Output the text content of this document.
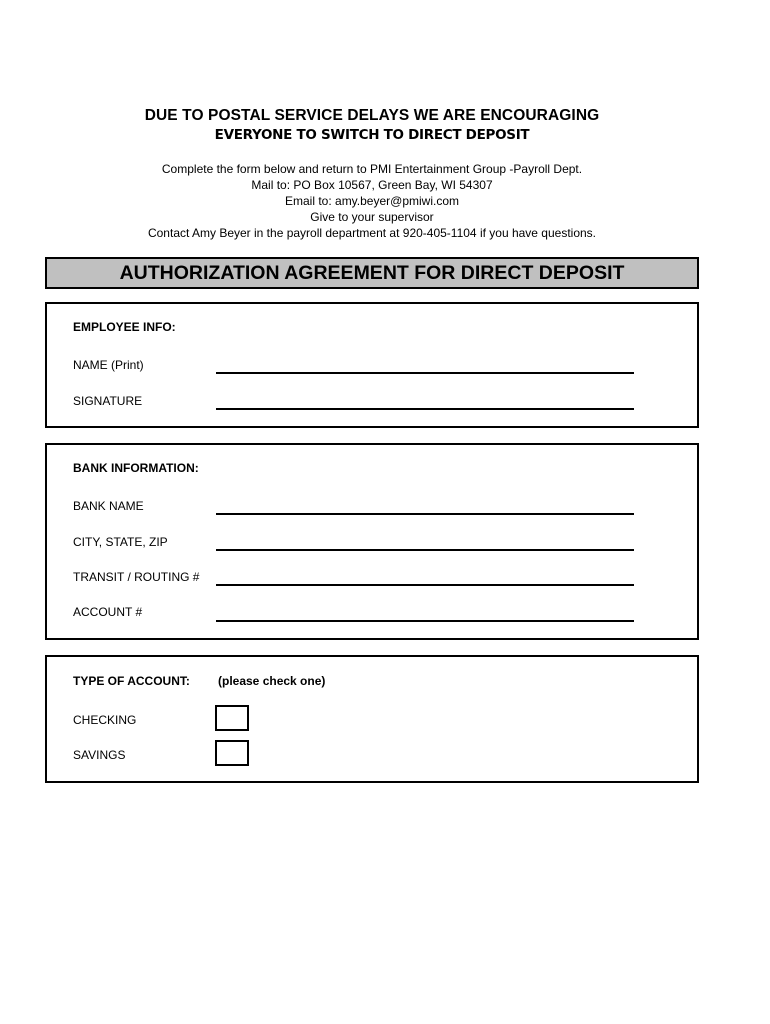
DUE TO POSTAL SERVICE DELAYS WE ARE ENCOURAGING
EVERYONE TO SWITCH TO DIRECT DEPOSIT
Complete the form below and return to PMI Entertainment Group -Payroll Dept.
Mail to: PO Box 10567, Green Bay, WI 54307
Email to: amy.beyer@pmiwi.com
Give to your supervisor
Contact Amy Beyer in the payroll department at 920-405-1104 if you have questions.
AUTHORIZATION AGREEMENT FOR DIRECT DEPOSIT
EMPLOYEE INFO:
NAME (Print)
SIGNATURE
BANK INFORMATION:
BANK NAME
CITY, STATE, ZIP
TRANSIT / ROUTING #
ACCOUNT #
TYPE OF ACCOUNT: (please check one)
CHECKING
SAVINGS
